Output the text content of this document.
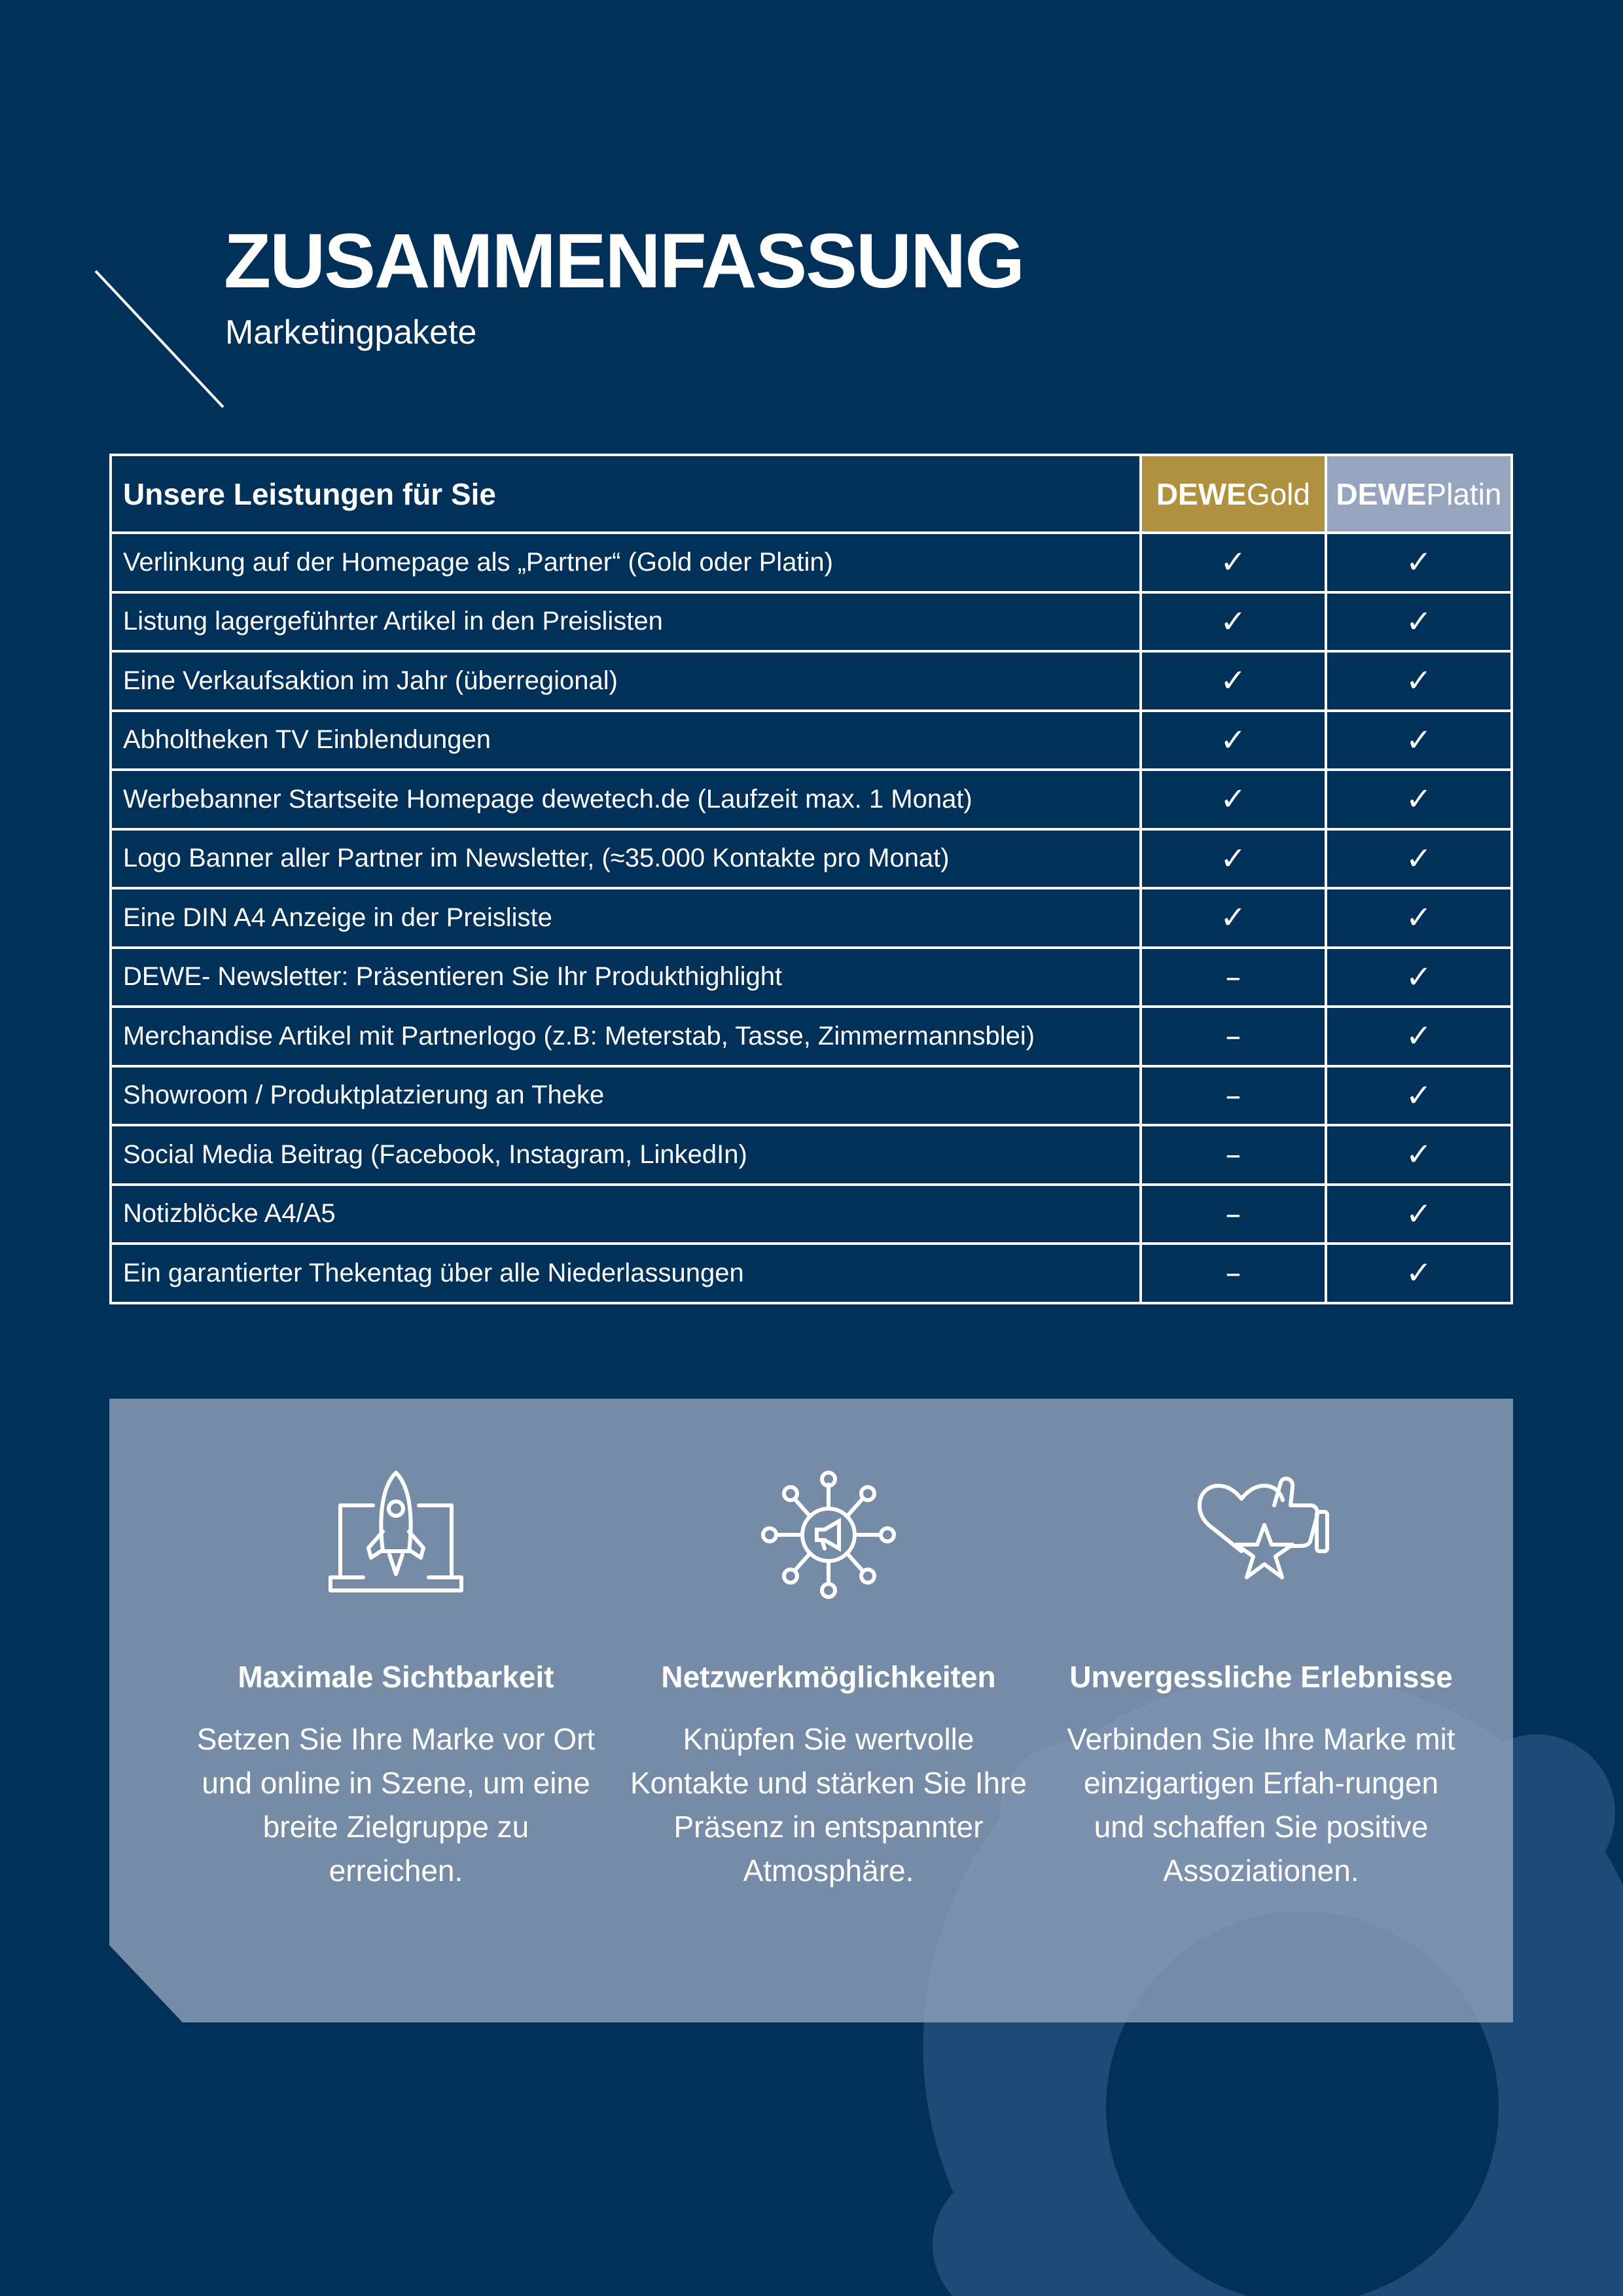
ZUSAMMENFASSUNG
Marketingpakete
Unsere Leistungen für Sie	DEWEGold	DEWEPlatin
Verlinkung auf der Homepage als „Partner“ (Gold oder Platin)	✓	✓
Listung lagergeführter Artikel in den Preislisten	✓	✓
Eine Verkaufsaktion im Jahr (überregional)	✓	✓
Abholtheken TV Einblendungen	✓	✓
Werbebanner Startseite Homepage dewetech.de (Laufzeit max. 1 Monat)	✓	✓
Logo Banner aller Partner im Newsletter, (≈35.000 Kontakte pro Monat)	✓	✓
Eine DIN A4 Anzeige in der Preisliste	✓	✓
DEWE- Newsletter: Präsentieren Sie Ihr Produkthighlight	–	✓
Merchandise Artikel mit Partnerlogo (z.B: Meterstab, Tasse, Zimmermannsblei)	–	✓
Showroom / Produktplatzierung an Theke	–	✓
Social Media Beitrag (Facebook, Instagram, LinkedIn)	–	✓
Notizblöcke A4/A5	–	✓
Ein garantierter Thekentag über alle Niederlassungen	–	✓
Maximale Sichtbarkeit

Setzen Sie Ihre Marke vor Ort und online in Szene, um eine breite Zielgruppe zu erreichen.

Netzwerkmöglichkeiten

Knüpfen Sie wertvolle Kontakte und stärken Sie Ihre Präsenz in entspannter Atmosphäre.

Unvergessliche Erlebnisse

Verbinden Sie Ihre Marke mit einzigartigen Erfah-rungen und schaffen Sie positive Assoziationen.
